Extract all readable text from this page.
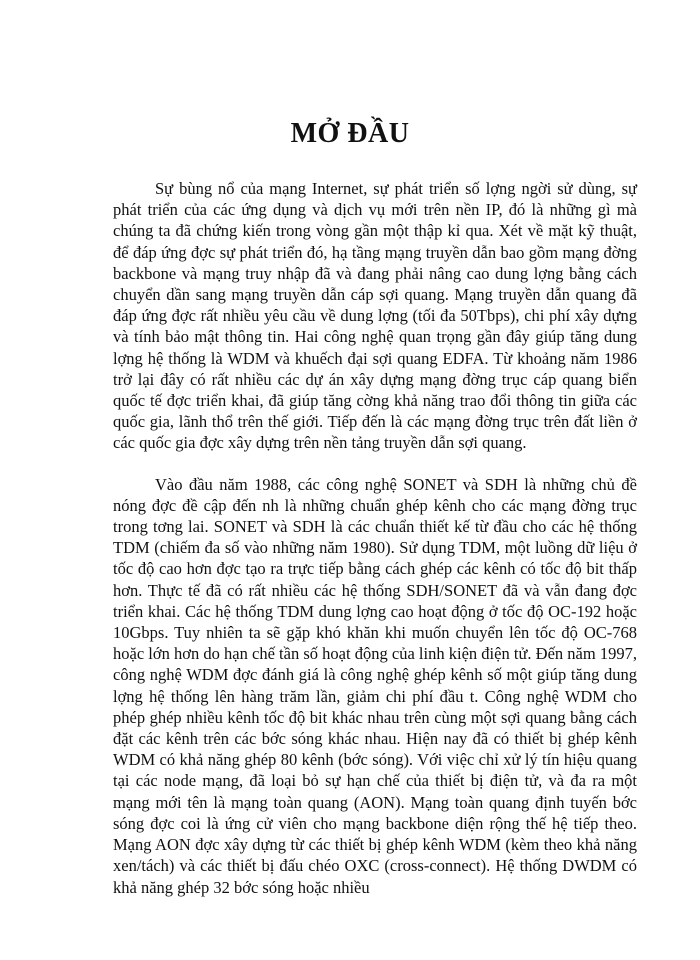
MỞ ĐẦU

Sự bùng nổ của mạng Internet, sự phát triển số lợng ngời sử dùng, sự phát triển của các ứng dụng và dịch vụ mới trên nền IP, đó là những gì mà chúng ta đã chứng kiến trong vòng gần một thập kỉ qua. Xét về mặt kỹ thuật, để đáp ứng đợc sự phát triển đó, hạ tầng mạng truyền dẫn bao gồm mạng đờng backbone và mạng truy nhập đã và đang phải nâng cao dung lợng bằng cách chuyển dần sang mạng truyền dẫn cáp sợi quang. Mạng truyền dẫn quang đã đáp ứng đợc rất nhiều yêu cầu về dung lợng (tối đa 50Tbps), chi phí xây dựng và tính bảo mật thông tin. Hai công nghệ quan trọng gần đây giúp tăng dung lợng hệ thống là WDM và khuếch đại sợi quang EDFA. Từ khoảng năm 1986 trở lại đây có rất nhiều các dự án xây dựng mạng đờng trục cáp quang biển quốc tế đợc triển khai, đã giúp tăng cờng khả năng trao đổi thông tin giữa các quốc gia, lãnh thổ trên thế giới. Tiếp đến là các mạng đờng trục trên đất liền ở các quốc gia đợc xây dựng trên nền tảng truyền dẫn sợi quang.

Vào đầu năm 1988, các công nghệ SONET và SDH là những chủ đề nóng đợc đề cập đến nh là những chuẩn ghép kênh cho các mạng đờng trục trong tơng lai. SONET và SDH là các chuẩn thiết kế từ đầu cho các hệ thống TDM (chiếm đa số vào những năm 1980). Sử dụng TDM, một luồng dữ liệu ở tốc độ cao hơn đợc tạo ra trực tiếp bằng cách ghép các kênh có tốc độ bit thấp hơn. Thực tế đã có rất nhiều các hệ thống SDH/SONET đã và vẫn đang đợc triển khai. Các hệ thống TDM dung lợng cao hoạt động ở tốc độ OC-192 hoặc 10Gbps. Tuy nhiên ta sẽ gặp khó khăn khi muốn chuyển lên tốc độ OC-768 hoặc lớn hơn do hạn chế tần số hoạt động của linh kiện điện tử. Đến năm 1997, công nghệ WDM đợc đánh giá là công nghệ ghép kênh số một giúp tăng dung lợng hệ thống lên hàng trăm lần, giảm chi phí đầu t. Công nghệ WDM cho phép ghép nhiều kênh tốc độ bit khác nhau trên cùng một sợi quang bằng cách đặt các kênh trên các bớc sóng khác nhau. Hiện nay đã có thiết bị ghép kênh WDM có khả năng ghép 80 kênh (bớc sóng). Với việc chỉ xử lý tín hiệu quang tại các node mạng, đã loại bỏ sự hạn chế của thiết bị điện tử, và đa ra một mạng mới tên là mạng toàn quang (AON). Mạng toàn quang định tuyến bớc sóng đợc coi là ứng cử viên cho mạng backbone diện rộng thế hệ tiếp theo. Mạng AON đợc xây dựng từ các thiết bị ghép kênh WDM (kèm theo khả năng xen/tách) và các thiết bị đấu chéo OXC (cross-connect). Hệ thống DWDM có khả năng ghép 32 bớc sóng hoặc nhiều
